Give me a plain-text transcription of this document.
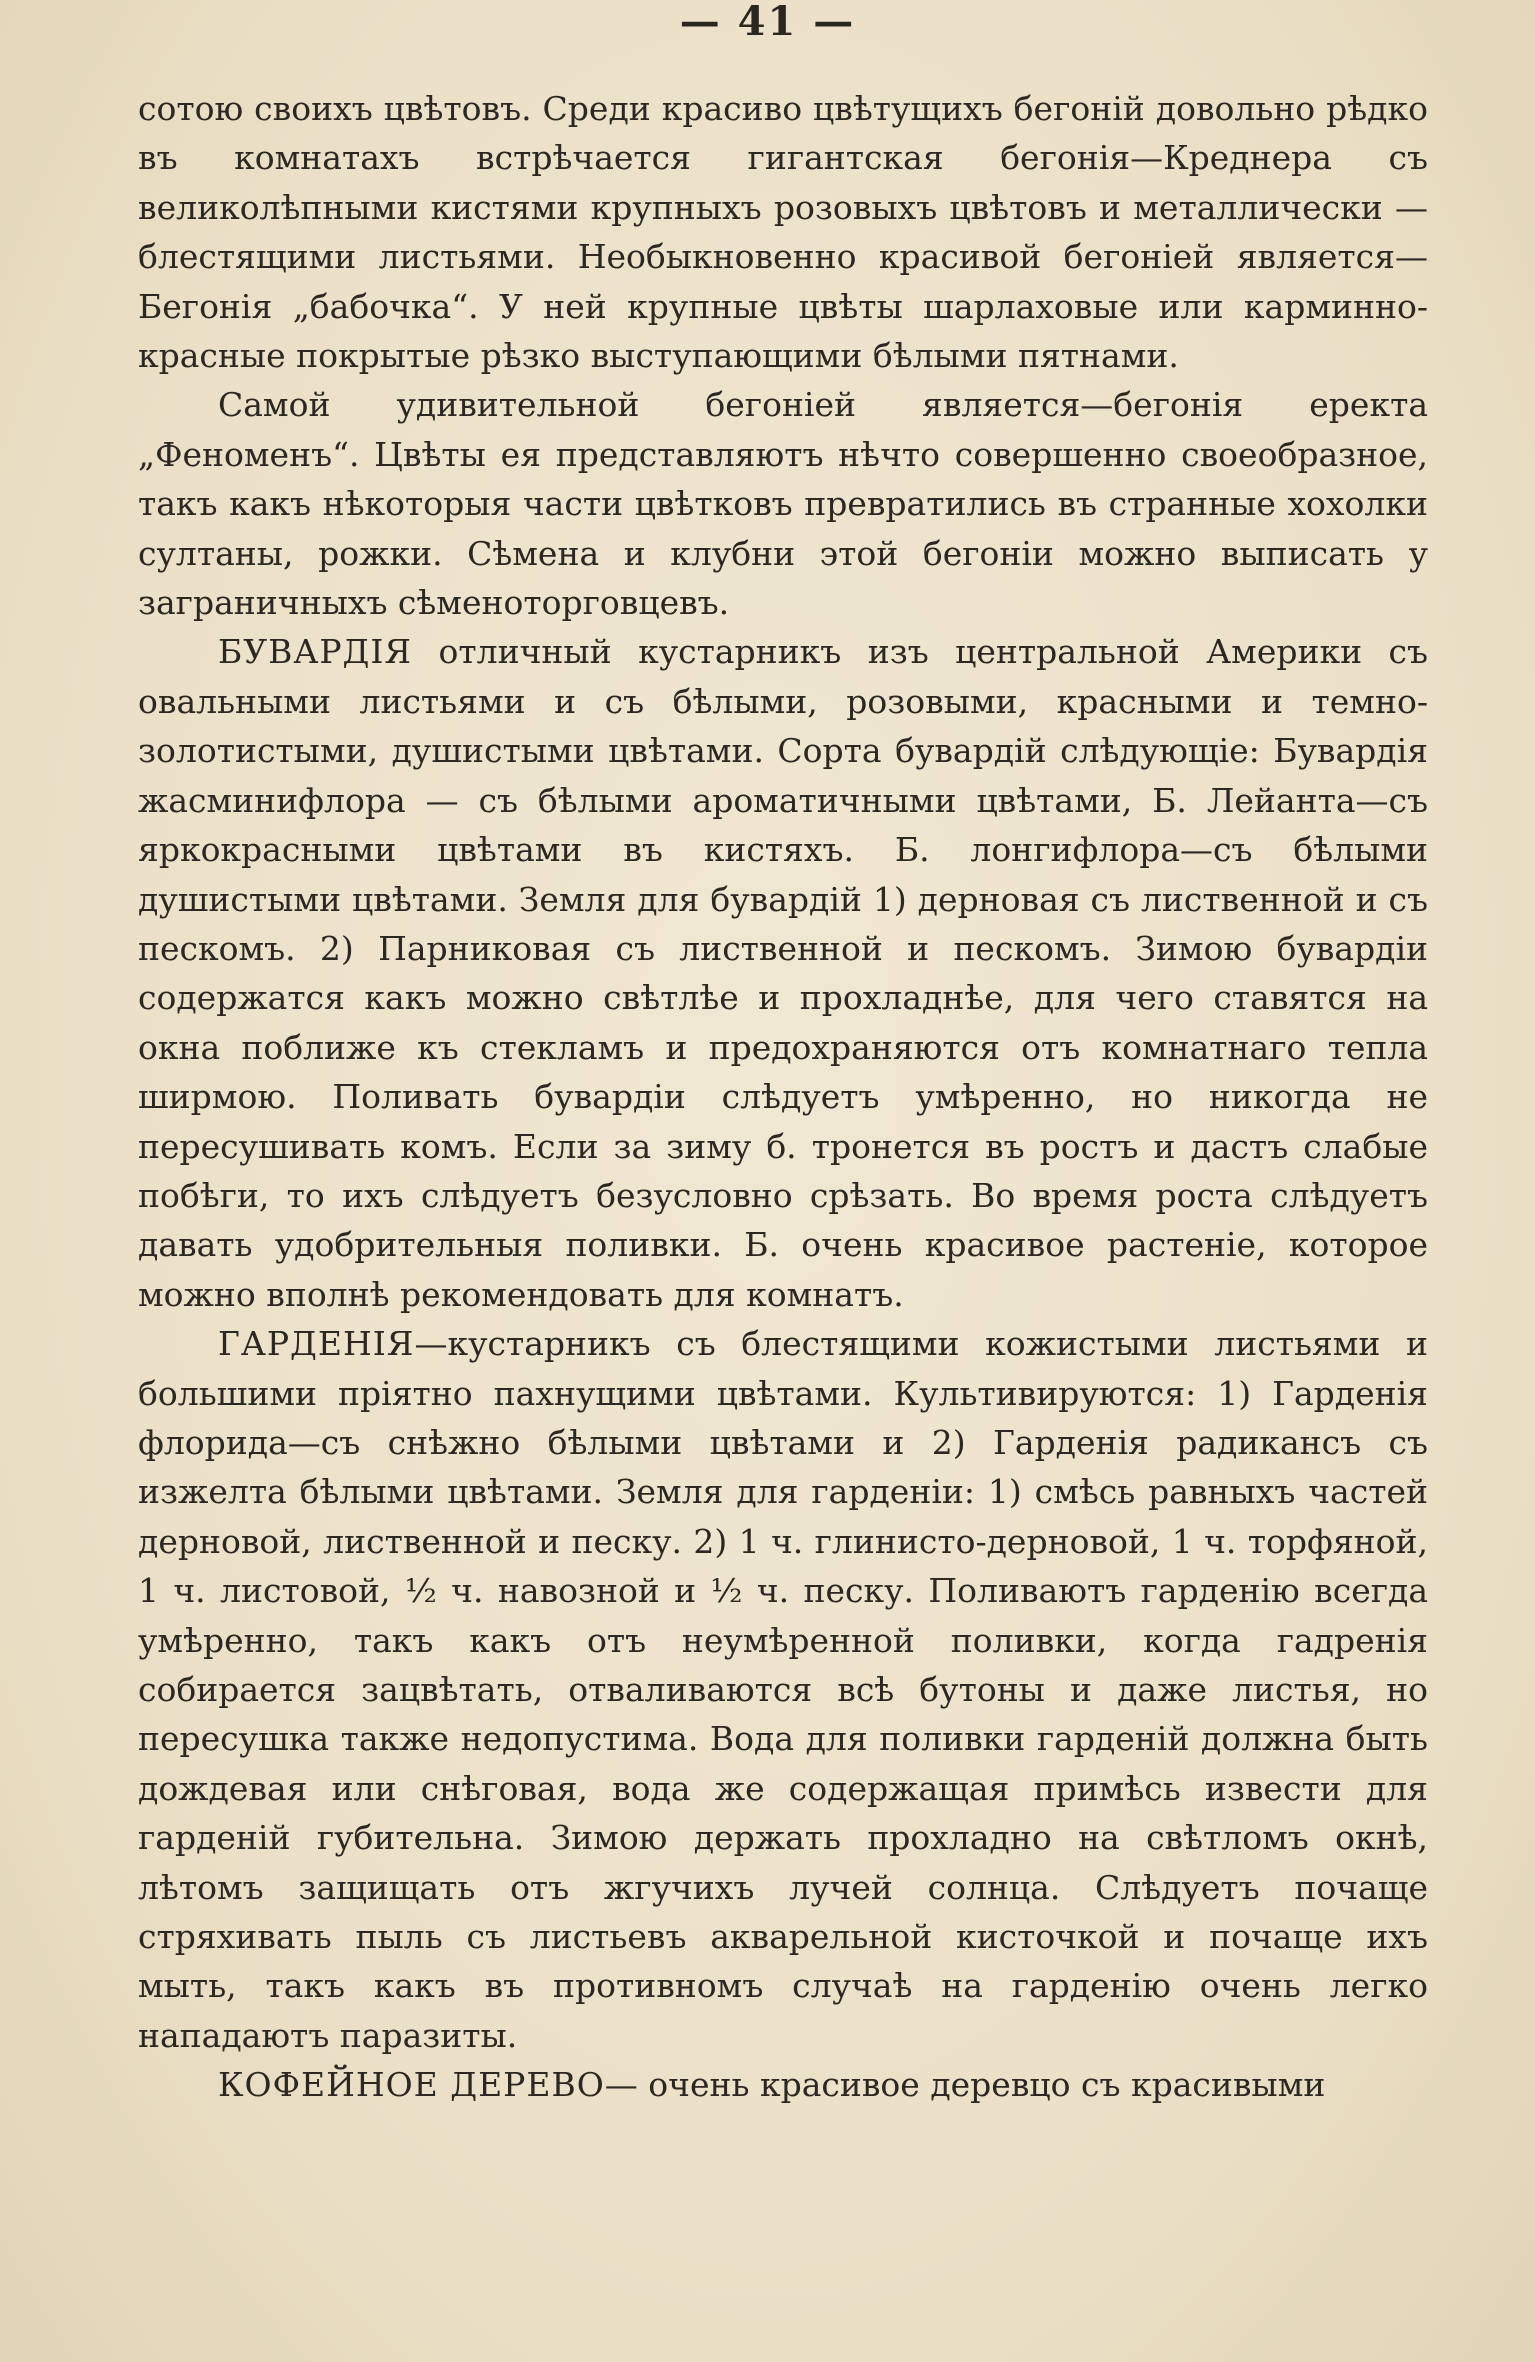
— 41 —

сотою своихъ цвѣтовъ. Среди красиво цвѣтущихъ бегоній довольно рѣдко въ комнатахъ встрѣчается гигантская бегонія—Креднера съ великолѣпными кистями крупныхъ розовыхъ цвѣтовъ и металлически — блестящими листьями. Необыкновенно красивой бегоніей является—Бегонія „бабочка“. У ней крупные цвѣты шарлаховые или карминно-красные покрытые рѣзко выступающими бѣлыми пятнами.

Самой удивительной бегоніей является—бегонія еректа „Феноменъ“. Цвѣты ея представляютъ нѣчто совершенно своеобразное, такъ какъ нѣкоторыя части цвѣтковъ превратились въ странные хохолки султаны, рожки. Сѣмена и клубни этой бегоніи можно выписать у заграничныхъ сѣменоторговцевъ.

БУВАРДІЯ отличный кустарникъ изъ центральной Америки съ овальными листьями и съ бѣлыми, розовыми, красными и темно-золотистыми, душистыми цвѣтами. Сорта бувардій слѣдующіе: Бувардія жасминифлора — съ бѣлыми ароматичными цвѣтами, Б. Лейанта—съ яркокрасными цвѣтами въ кистяхъ. Б. лонгифлора—съ бѣлыми душистыми цвѣтами. Земля для бувардій 1) дерновая съ лиственной и съ пескомъ. 2) Парниковая съ лиственной и пескомъ. Зимою бувардіи содержатся какъ можно свѣтлѣе и прохладнѣе, для чего ставятся на окна поближе къ стекламъ и предохраняются отъ комнатнаго тепла ширмою. Поливать бувардіи слѣдуетъ умѣренно, но никогда не пересушивать комъ. Если за зиму б. тронется въ ростъ и дастъ слабые побѣги, то ихъ слѣдуетъ безусловно срѣзать. Во время роста слѣдуетъ давать удобрительныя поливки. Б. очень красивое растеніе, которое можно вполнѣ рекомендовать для комнатъ.

ГАРДЕНІЯ—кустарникъ съ блестящими кожистыми листьями и большими пріятно пахнущими цвѣтами. Культивируются: 1) Гарденія флорида—съ снѣжно бѣлыми цвѣтами и 2) Гарденія радикансъ съ изжелта бѣлыми цвѣтами. Земля для гарденіи: 1) смѣсь равныхъ частей дерновой, лиственной и песку. 2) 1 ч. глинисто-дерновой, 1 ч. торфяной, 1 ч. листовой, ½ ч. навозной и ½ ч. песку. Поливаютъ гарденію всегда умѣренно, такъ какъ отъ неумѣренной поливки, когда гадренія собирается зацвѣтать, отваливаются всѣ бутоны и даже листья, но пересушка также недопустима. Вода для поливки гарденій должна быть дождевая или снѣговая, вода же содержащая примѣсь извести для гарденій губительна. Зимою держать прохладно на свѣтломъ окнѣ, лѣтомъ защищать отъ жгучихъ лучей солнца. Слѣдуетъ почаще стряхивать пыль съ листьевъ акварельной кисточкой и почаще ихъ мыть, такъ какъ въ противномъ случаѣ на гарденію очень легко нападаютъ паразиты.

КОФЕЙНОЕ ДЕРЕВО— очень красивое деревцо съ красивыми
